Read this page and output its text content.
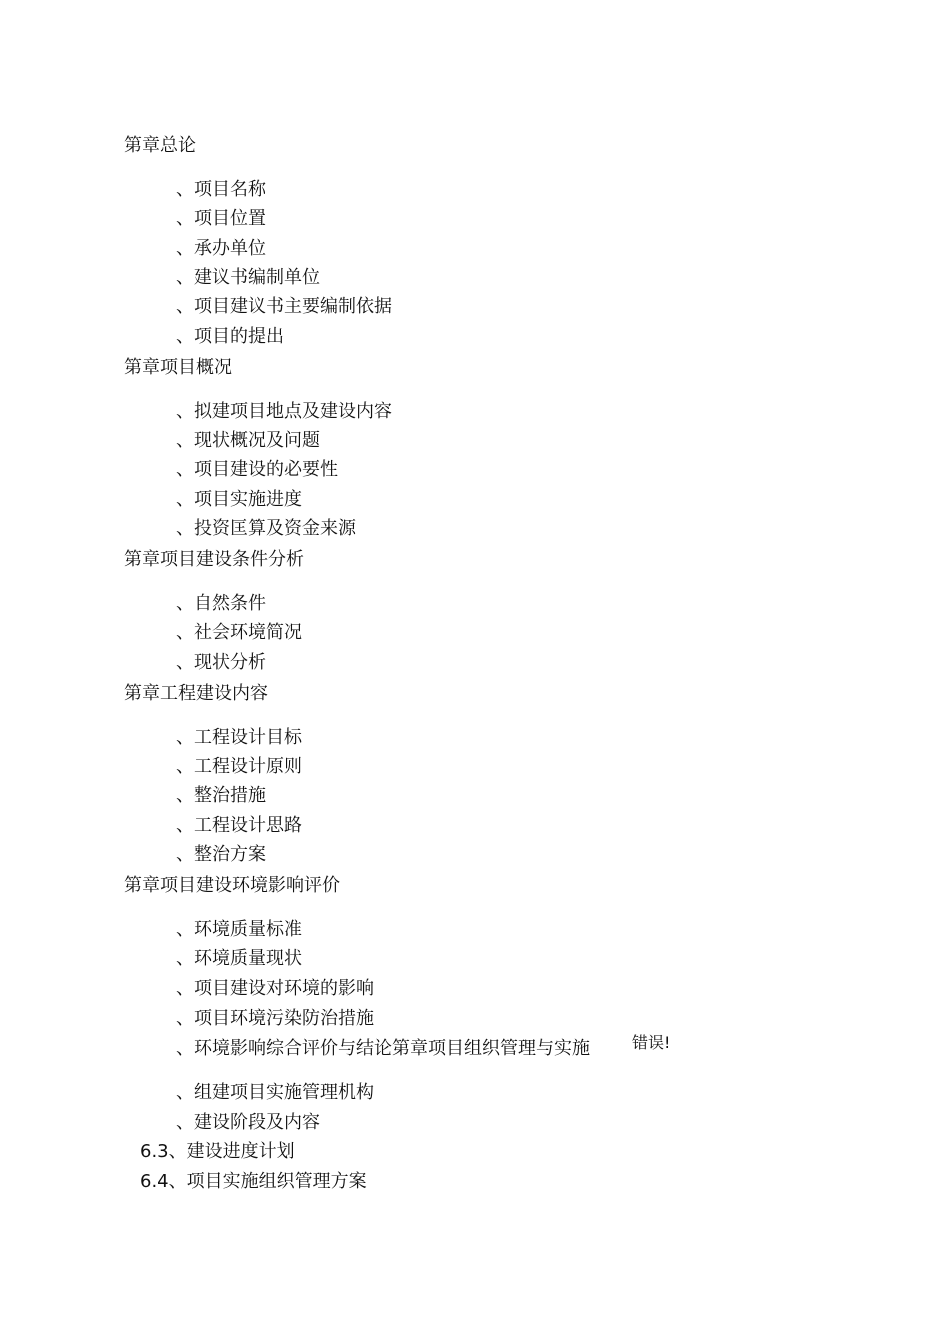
第章总论
、项目名称
、项目位置
、承办单位
、建议书编制单位
、项目建议书主要编制依据
、项目的提出
第章项目概况
、拟建项目地点及建设内容
、现状概况及问题
、项目建设的必要性
、项目实施进度
、投资匡算及资金来源
第章项目建设条件分析
、自然条件
、社会环境简况
、现状分析
第章工程建设内容
、工程设计目标
、工程设计原则
、整治措施
、工程设计思路
、整治方案
第章项目建设环境影响评价
、环境质量标准
、环境质量现状
、项目建设对环境的影响
、项目环境污染防治措施
、环境影响综合评价与结论第章项目组织管理与实施	错误!
、组建项目实施管理机构
、建设阶段及内容
6.3、建设进度计划
6.4、项目实施组织管理方案
